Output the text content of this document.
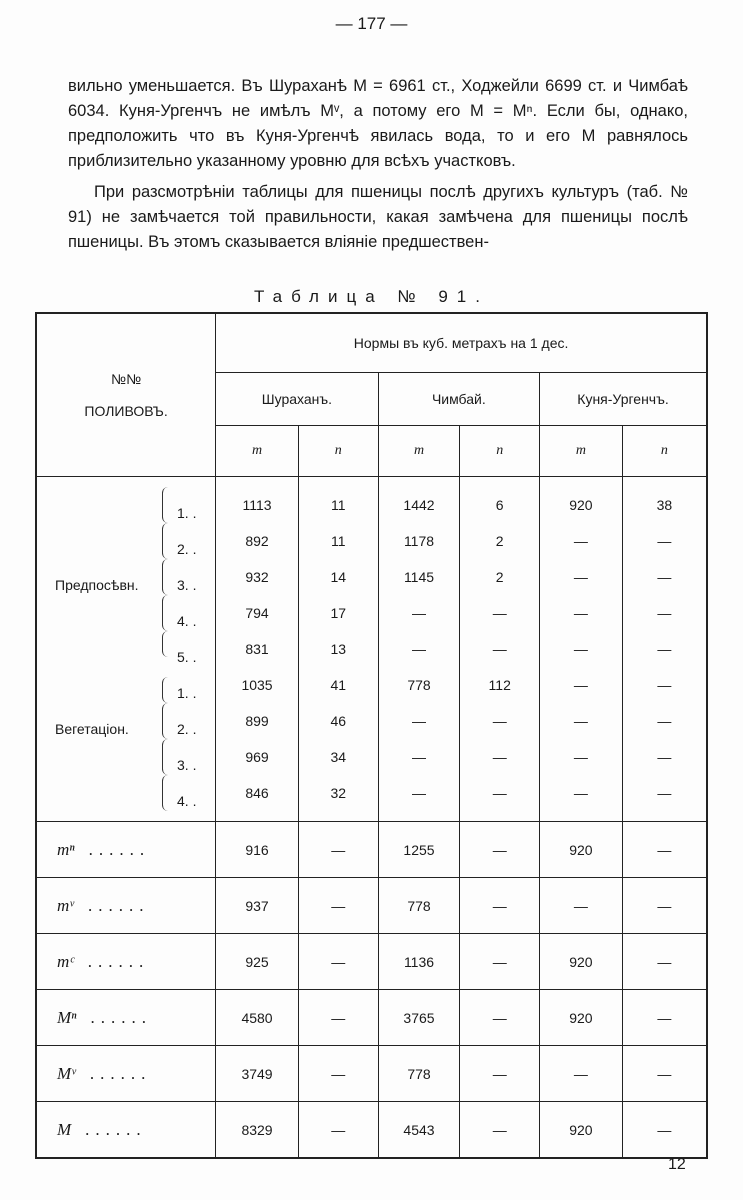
— 177 —

вильно уменьшается. Въ Шураханѣ M = 6961 ст., Ходжейли 6699 ст. и Чимбаѣ 6034. Куня-Ургенчъ не имѣлъ Mᵛ, а потому его M = Mⁿ. Если бы, однако, предположить что въ Куня-Ургенчѣ явилась вода, то и его M равнялось приблизительно указанному уровню для всѣхъ участковъ.

При разсмотрѣніи таблицы для пшеницы послѣ другихъ культуръ (таб. № 91) не замѣчается той правильности, какая замѣчена для пшеницы послѣ пшеницы. Въ этомъ сказывается вліяніе предшествен-

Таблица № 91.
№№

ПОЛИВОВЪ.	Нормы въ куб. метрахъ на 1 дес.					
	Шураханъ.		Чимбай.		Куня-Ургенчъ.	
	m	n	m	n	m	n

1. .	1113	11	1442	6	920	38

2. .	892	11	1178	2	—	—

Предпосѣвн. 3. .	932	14	1145	2	—	—

4. .	794	17	—	—	—	—

5. .	831	13	—	—	—	—

1. .	1035	41	778	112	—	—

Вегетаціон. 2. .	899	46	—	—	—	—

3. .	969	34	—	—	—	—

4. .	846	32	—	—	—	—
mⁿ ......	916	—	1255	—	920	—
mᵛ ......	937	—	778	—	—	—
mᶜ ......	925	—	1136	—	920	—
Mⁿ ......	4580	—	3765	—	920	—
Mᵛ ......	3749	—	778	—	—	—
M ......	8329	—	4543	—	920	—
12
